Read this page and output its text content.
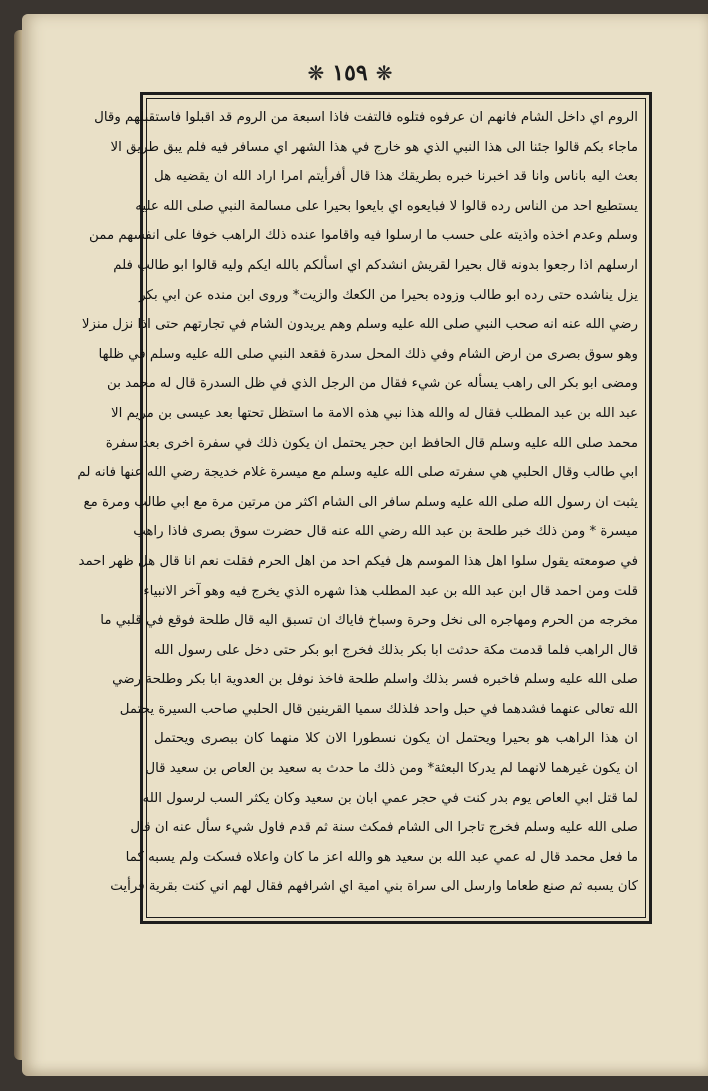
❋ ١٥٩ ❋
الروم اي داخل الشام فانهم ان عرفوه فتلوه فالتفت فاذا اسبعة من الروم قد اقبلوا فاستقبلهم وقال
ماجاء بكم قالوا جئنا الى هذا النبي الذي هو خارج في هذا الشهر اي مسافر فيه فلم يبق طريق الا
بعث اليه باناس وانا قد اخبرنا خبره بطريقك هذا قال أفرأيتم امرا اراد الله ان يقضيه هل
يستطيع احد من الناس رده قالوا لا فبايعوه اي بايعوا بحيرا على مسالمة النبي صلى الله عليه
وسلم وعدم اخذه واذيته على حسب ما ارسلوا فيه واقاموا عنده ذلك الراهب خوفا على انفسهم ممن
ارسلهم اذا رجعوا بدونه قال بحيرا لقريش انشدكم اي اسألكم بالله ايكم وليه قالوا ابو طالب فلم
يزل يناشده حتى رده ابو طالب وزوده بحيرا من الكعك والزيت* وروى ابن منده عن ابي بكر
رضي الله عنه انه صحب النبي صلى الله عليه وسلم وهم يريدون الشام في تجارتهم حتى اذا نزل منزلا
وهو سوق بصرى من ارض الشام وفي ذلك المحل سدرة فقعد النبي صلى الله عليه وسلم في ظلها
ومضى ابو بكر الى راهب يسأله عن شيء فقال من الرجل الذي في ظل السدرة قال له محمد بن
عبد الله بن عبد المطلب فقال له والله هذا نبي هذه الامة ما استظل تحتها بعد عيسى بن مريم الا
محمد صلى الله عليه وسلم قال الحافظ ابن حجر يحتمل ان يكون ذلك في سفرة اخرى بعد سفرة
ابي طالب وقال الحلبي هي سفرته صلى الله عليه وسلم مع ميسرة غلام خديجة رضي الله عنها فانه لم
يثبت ان رسول الله صلى الله عليه وسلم سافر الى الشام اكثر من مرتين مرة مع ابي طالب ومرة مع
ميسرة * ومن ذلك خبر طلحة بن عبد الله رضي الله عنه قال حضرت سوق بصرى فاذا راهب
في صومعته يقول سلوا اهل هذا الموسم هل فيكم احد من اهل الحرم فقلت نعم انا قال هل ظهر احمد
قلت ومن احمد قال ابن عبد الله بن عبد المطلب هذا شهره الذي يخرج فيه وهو آخر الانبياء
مخرجه من الحرم ومهاجره الى نخل وحرة وسباخ فاياك ان تسبق اليه قال طلحة فوقع في قلبي ما
قال الراهب فلما قدمت مكة حدثت ابا بكر بذلك فخرج ابو بكر حتى دخل على رسول الله
صلى الله عليه وسلم فاخبره فسر بذلك واسلم طلحة فاخذ نوفل بن العدوية ابا بكر وطلحة رضي
الله تعالى عنهما فشدهما في حبل واحد فلذلك سميا القرينين قال الحلبي صاحب السيرة يحتمل
ان هذا الراهب هو بحيرا ويحتمل ان يكون نسطورا الان كلا منهما كان ببصرى ويحتمل
ان يكون غيرهما لانهما لم يدركا البعثة* ومن ذلك ما حدث به سعيد بن العاص بن سعيد قال
لما قتل ابي العاص يوم بدر كنت في حجر عمي ابان بن سعيد وكان يكثر السب لرسول الله
صلى الله عليه وسلم فخرج تاجرا الى الشام فمكث سنة ثم قدم فاول شيء سأل عنه ان قال
ما فعل محمد قال له عمي عبد الله بن سعيد هو والله اعز ما كان واعلاه فسكت ولم يسبه كما
كان يسبه ثم صنع طعاما وارسل الى سراة بني امية اي اشرافهم فقال لهم اني كنت بقرية فرأيت
